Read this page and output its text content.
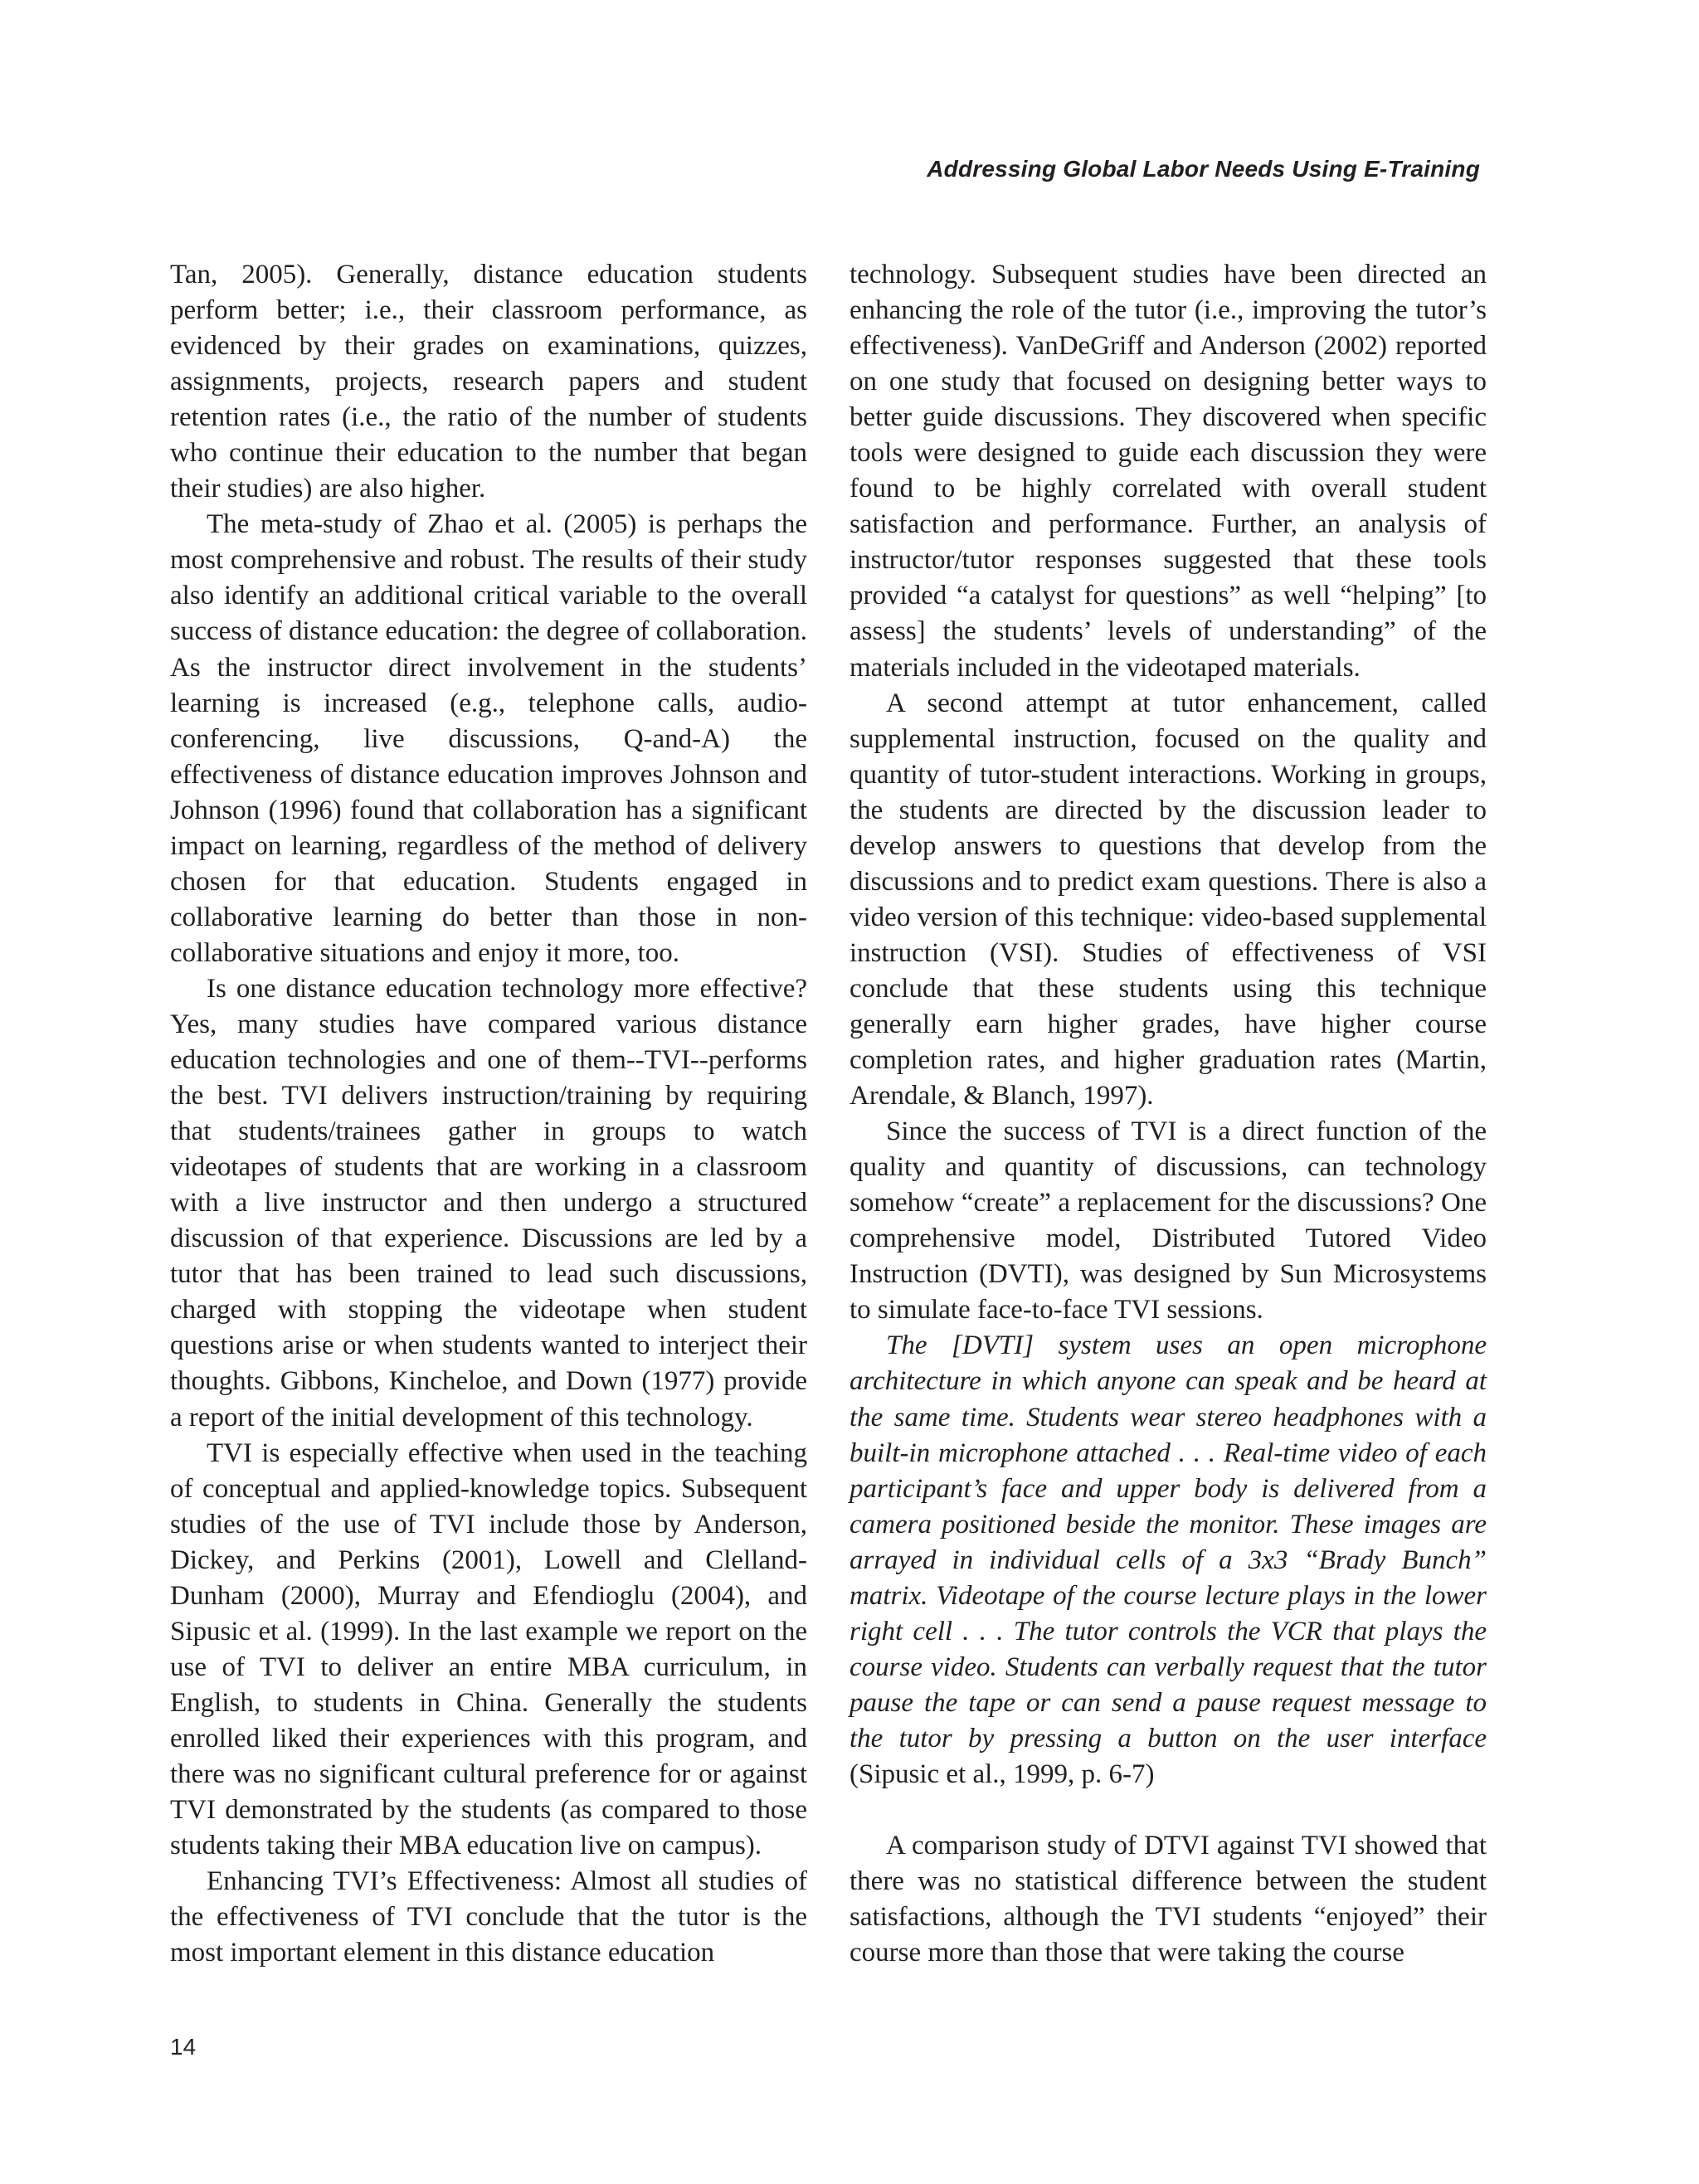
Addressing Global Labor Needs Using E-Training

Tan, 2005). Generally, distance education students perform better; i.e., their classroom performance, as evidenced by their grades on examinations, quizzes, assignments, projects, research papers and student retention rates (i.e., the ratio of the number of students who continue their education to the number that began their studies) are also higher.

The meta-study of Zhao et al. (2005) is perhaps the most comprehensive and robust. The results of their study also identify an additional critical variable to the overall success of distance education: the degree of collaboration. As the instructor direct involvement in the students’ learning is increased (e.g., telephone calls, audio-conferencing, live discussions, Q-and-A) the effectiveness of distance education improves Johnson and Johnson (1996) found that collaboration has a significant impact on learning, regardless of the method of delivery chosen for that education. Students engaged in collaborative learning do better than those in non-collaborative situations and enjoy it more, too.

Is one distance education technology more effective? Yes, many studies have compared various distance education technologies and one of them--TVI--performs the best. TVI delivers instruction/training by requiring that students/trainees gather in groups to watch videotapes of students that are working in a classroom with a live instructor and then undergo a structured discussion of that experience. Discussions are led by a tutor that has been trained to lead such discussions, charged with stopping the videotape when student questions arise or when students wanted to interject their thoughts. Gibbons, Kincheloe, and Down (1977) provide a report of the initial development of this technology.

TVI is especially effective when used in the teaching of conceptual and applied-knowledge topics. Subsequent studies of the use of TVI include those by Anderson, Dickey, and Perkins (2001), Lowell and Clelland-Dunham (2000), Murray and Efendioglu (2004), and Sipusic et al. (1999). In the last example we report on the use of TVI to deliver an entire MBA curriculum, in English, to students in China. Generally the students enrolled liked their experiences with this program, and there was no significant cultural preference for or against TVI demonstrated by the students (as compared to those students taking their MBA education live on campus).

Enhancing TVI’s Effectiveness: Almost all studies of the effectiveness of TVI conclude that the tutor is the most important element in this distance education

technology. Subsequent studies have been directed an enhancing the role of the tutor (i.e., improving the tutor’s effectiveness). VanDeGriff and Anderson (2002) reported on one study that focused on designing better ways to better guide discussions. They discovered when specific tools were designed to guide each discussion they were found to be highly correlated with overall student satisfaction and performance. Further, an analysis of instructor/tutor responses suggested that these tools provided “a catalyst for questions” as well “helping” [to assess] the students’ levels of understanding” of the materials included in the videotaped materials.

A second attempt at tutor enhancement, called supplemental instruction, focused on the quality and quantity of tutor-student interactions. Working in groups, the students are directed by the discussion leader to develop answers to questions that develop from the discussions and to predict exam questions. There is also a video version of this technique: video-based supplemental instruction (VSI). Studies of effectiveness of VSI conclude that these students using this technique generally earn higher grades, have higher course completion rates, and higher graduation rates (Martin, Arendale, & Blanch, 1997).

Since the success of TVI is a direct function of the quality and quantity of discussions, can technology somehow “create” a replacement for the discussions? One comprehensive model, Distributed Tutored Video Instruction (DVTI), was designed by Sun Microsystems to simulate face-to-face TVI sessions.

The [DVTI] system uses an open microphone architecture in which anyone can speak and be heard at the same time. Students wear stereo headphones with a built-in microphone attached . . . Real-time video of each participant’s face and upper body is delivered from a camera positioned beside the monitor. These images are arrayed in individual cells of a 3x3 “Brady Bunch” matrix. Videotape of the course lecture plays in the lower right cell . . . The tutor controls the VCR that plays the course video. Students can verbally request that the tutor pause the tape or can send a pause request message to the tutor by pressing a button on the user interface (Sipusic et al., 1999, p. 6-7)

A comparison study of DTVI against TVI showed that there was no statistical difference between the student satisfactions, although the TVI students “enjoyed” their course more than those that were taking the course

14
